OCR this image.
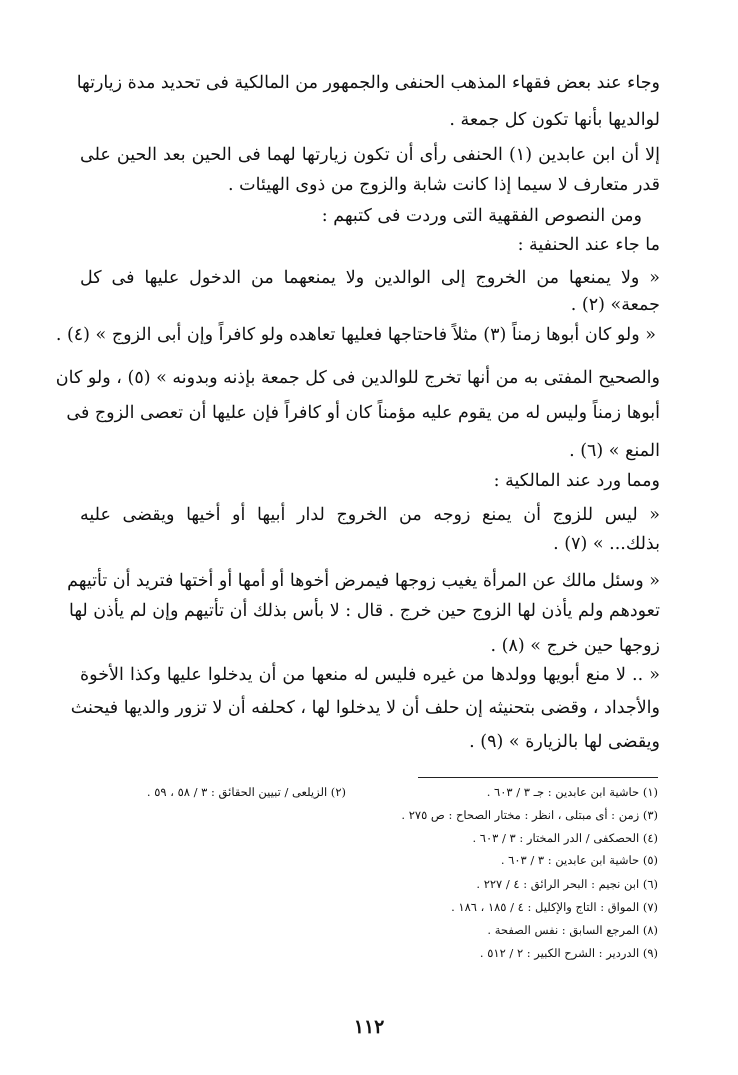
وجاء عند بعض فقهاء المذهب الحنفى والجمهور من المالكية فى تحديد مدة زيارتها
لوالديها بأنها تكون كل جمعة .
إلا أن ابن عابدين (١) الحنفى رأى أن تكون زيارتها لهما فى الحين بعد الحين على
قدر متعارف لا سيما إذا كانت شابة والزوج من ذوى الهيئات .
ومن النصوص الفقهية التى وردت فى كتبهم :
ما جاء عند الحنفية :
« ولا يمنعها من الخروج إلى الوالدين ولا يمنعهما من الدخول عليها فى كل
جمعة» (٢) .
« ولو كان أبوها زمناً (٣) مثلاً فاحتاجها فعليها تعاهده ولو كافراً وإن أبى الزوج » (٤) .
والصحيح المفتى به من أنها تخرج للوالدين فى كل جمعة بإذنه وبدونه » (٥) ، ولو كان
أبوها زمناً وليس له من يقوم عليه مؤمناً كان أو كافراً فإن عليها أن تعصى الزوج فى
المنع » (٦) .
ومما ورد عند المالكية :
« ليس للزوج أن يمنع زوجه من الخروج لدار أبيها أو أخيها ويقضى عليه
بذلك... » (٧) .
« وسئل مالك عن المرأة يغيب زوجها فيمرض أخوها أو أمها أو أختها فتريد أن تأتيهم
تعودهم ولم يأذن لها الزوج حين خرج . قال : لا بأس بذلك أن تأتيهم وإن لم يأذن لها
زوجها حين خرج » (٨) .
« .. لا منع أبويها وولدها من غيره فليس له منعها من أن يدخلوا عليها وكذا الأخوة
والأجداد ، وقضى بتحنيثه إن حلف أن لا يدخلوا لها ، كحلفه أن لا تزور والديها فيحنث
ويقضى لها بالزيارة » (٩) .
(١) حاشية ابن عابدين : جـ ٣ / ٦٠٣ .
(٢) الزيلعى / تبيين الحقائق : ٣ / ٥٨ ، ٥٩ .
(٣) زمن : أى مبتلى ، انظر : مختار الصحاح : ص ٢٧٥ .
(٤) الحصكفى / الدر المختار : ٣ / ٦٠٣ .
(٥) حاشية ابن عابدين : ٣ / ٦٠٣ .
(٦) ابن نجيم : البحر الرائق : ٤ / ٢٢٧ .
(٧) المواق : التاج والإكليل : ٤ / ١٨٥ ، ١٨٦ .
(٨) المرجع السابق : نفس الصفحة .
(٩) الدردير : الشرح الكبير : ٢ / ٥١٢ .
١١٢
